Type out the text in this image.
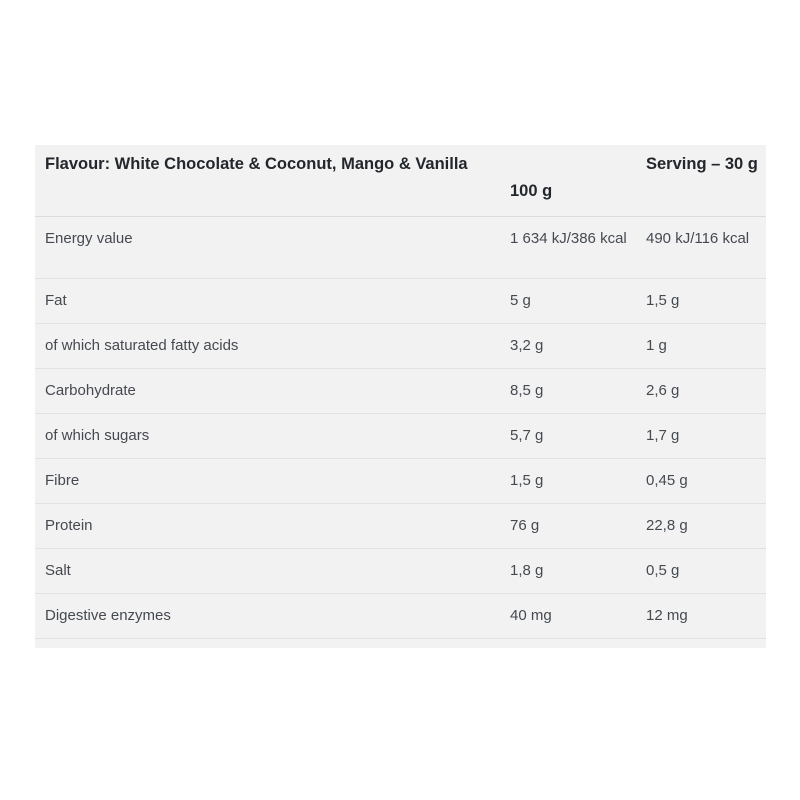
Flavour: White Chocolate & Coconut, Mango & Vanilla	100 g	Serving – 30 g
Energy value	1 634 kJ/386 kcal	490 kJ/116 kcal
Fat	5 g	1,5 g
of which saturated fatty acids	3,2 g	1 g
Carbohydrate	8,5 g	2,6 g
of which sugars	5,7 g	1,7 g
Fibre	1,5 g	0,45 g
Protein	76 g	22,8 g
Salt	1,8 g	0,5 g
Digestive enzymes	40 mg	12 mg
